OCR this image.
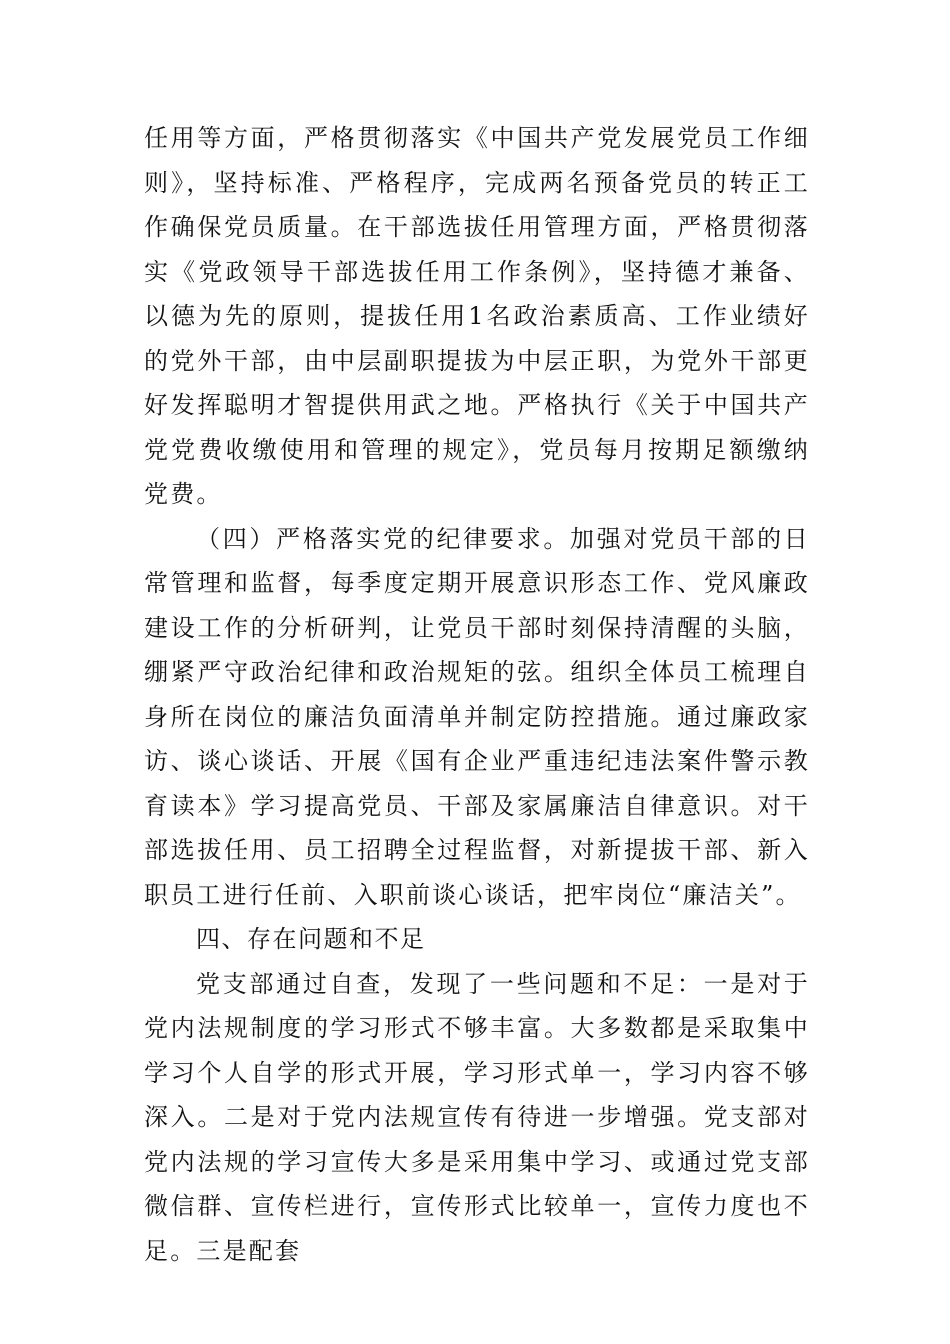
任用等方面，严格贯彻落实《中国共产党发展党员工作细则》，坚持标准、严格程序，完成两名预备党员的转正工作确保党员质量。在干部选拔任用管理方面，严格贯彻落实《党政领导干部选拔任用工作条例》，坚持德才兼备、以德为先的原则，提拔任用1名政治素质高、工作业绩好的党外干部，由中层副职提拔为中层正职，为党外干部更好发挥聪明才智提供用武之地。严格执行《关于中国共产党党费收缴使用和管理的规定》，党员每月按期足额缴纳党费。

（四）严格落实党的纪律要求。加强对党员干部的日常管理和监督，每季度定期开展意识形态工作、党风廉政建设工作的分析研判，让党员干部时刻保持清醒的头脑，绷紧严守政治纪律和政治规矩的弦。组织全体员工梳理自身所在岗位的廉洁负面清单并制定防控措施。通过廉政家访、谈心谈话、开展《国有企业严重违纪违法案件警示教育读本》学习提高党员、干部及家属廉洁自律意识。对干部选拔任用、员工招聘全过程监督，对新提拔干部、新入职员工进行任前、入职前谈心谈话，把牢岗位“廉洁关”。

四、存在问题和不足

党支部通过自查，发现了一些问题和不足：一是对于党内法规制度的学习形式不够丰富。大多数都是采取集中学习个人自学的形式开展，学习形式单一，学习内容不够深入。二是对于党内法规宣传有待进一步增强。党支部对党内法规的学习宣传大多是采用集中学习、或通过党支部微信群、宣传栏进行，宣传形式比较单一，宣传力度也不足。三是配套
